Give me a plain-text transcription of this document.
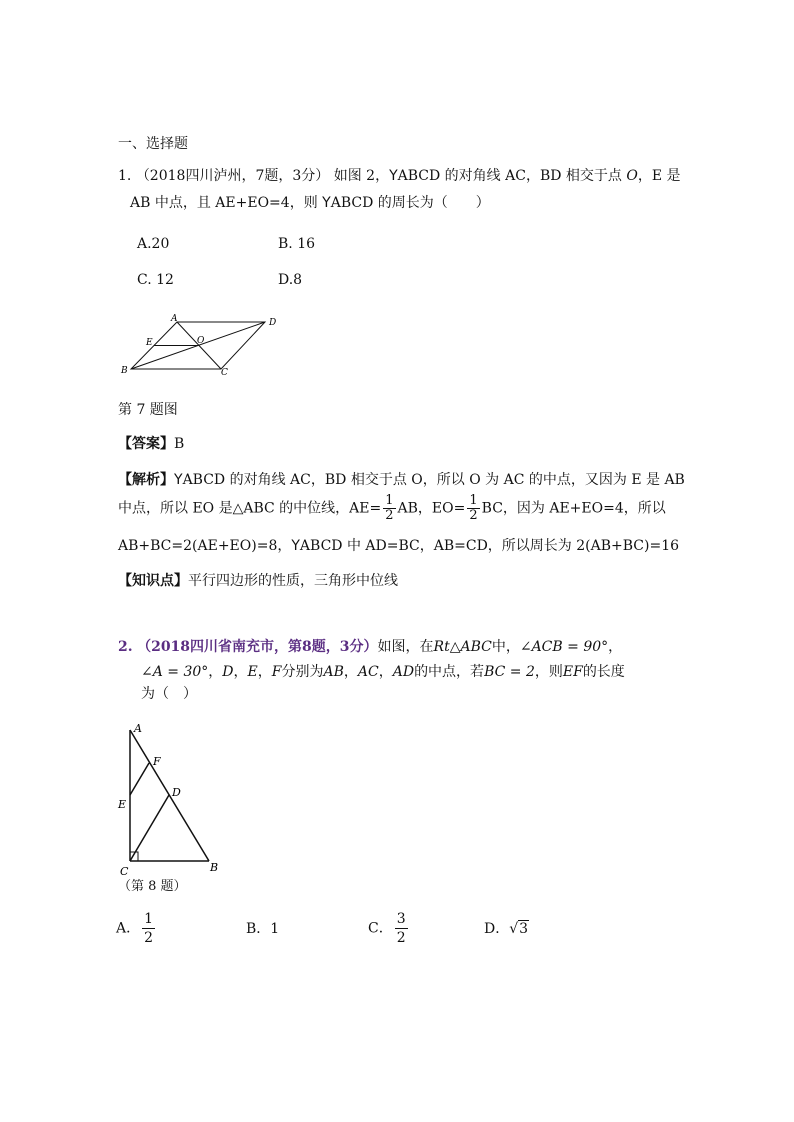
一、选择题
1. （2018四川泸州，7题，3分） 如图 2，YABCD 的对角线 AC，BD 相交于点 O，E 是
AB 中点，且 AE+EO=4，则 YABCD 的周长为（　　）
A.20	B. 16
C. 12	D.8
A	D
E	O
B	C
第 7 题图
【答案】B
【解析】YABCD 的对角线 AC，BD 相交于点 O，所以 O 为 AC 的中点，又因为 E 是 AB
中点，所以 EO 是△ABC 的中位线，$AE= \frac{1}{2}$ AB，$EO= \frac{1}{2}$ BC，因为 AE+EO=4，所以
AB+BC=2(AE+EO)=8，YABCD 中 AD=BC，AB=CD，所以周长为 2(AB+BC)=16
【知识点】平行四边形的性质，三角形中位线
2. （2018四川省南充市，第8题，3分）如图，在Rt△ABC中，∠ACB = 90°，
∠A = 30°，D，E，F分别为AB，AC，AD的中点，若BC = 2，则EF的长度
为（　）
A
F
D
E
C	B
（第 8 题）
A． $\frac{1}{2}$	B．1	C． $\frac{3}{2}$	D．√3
